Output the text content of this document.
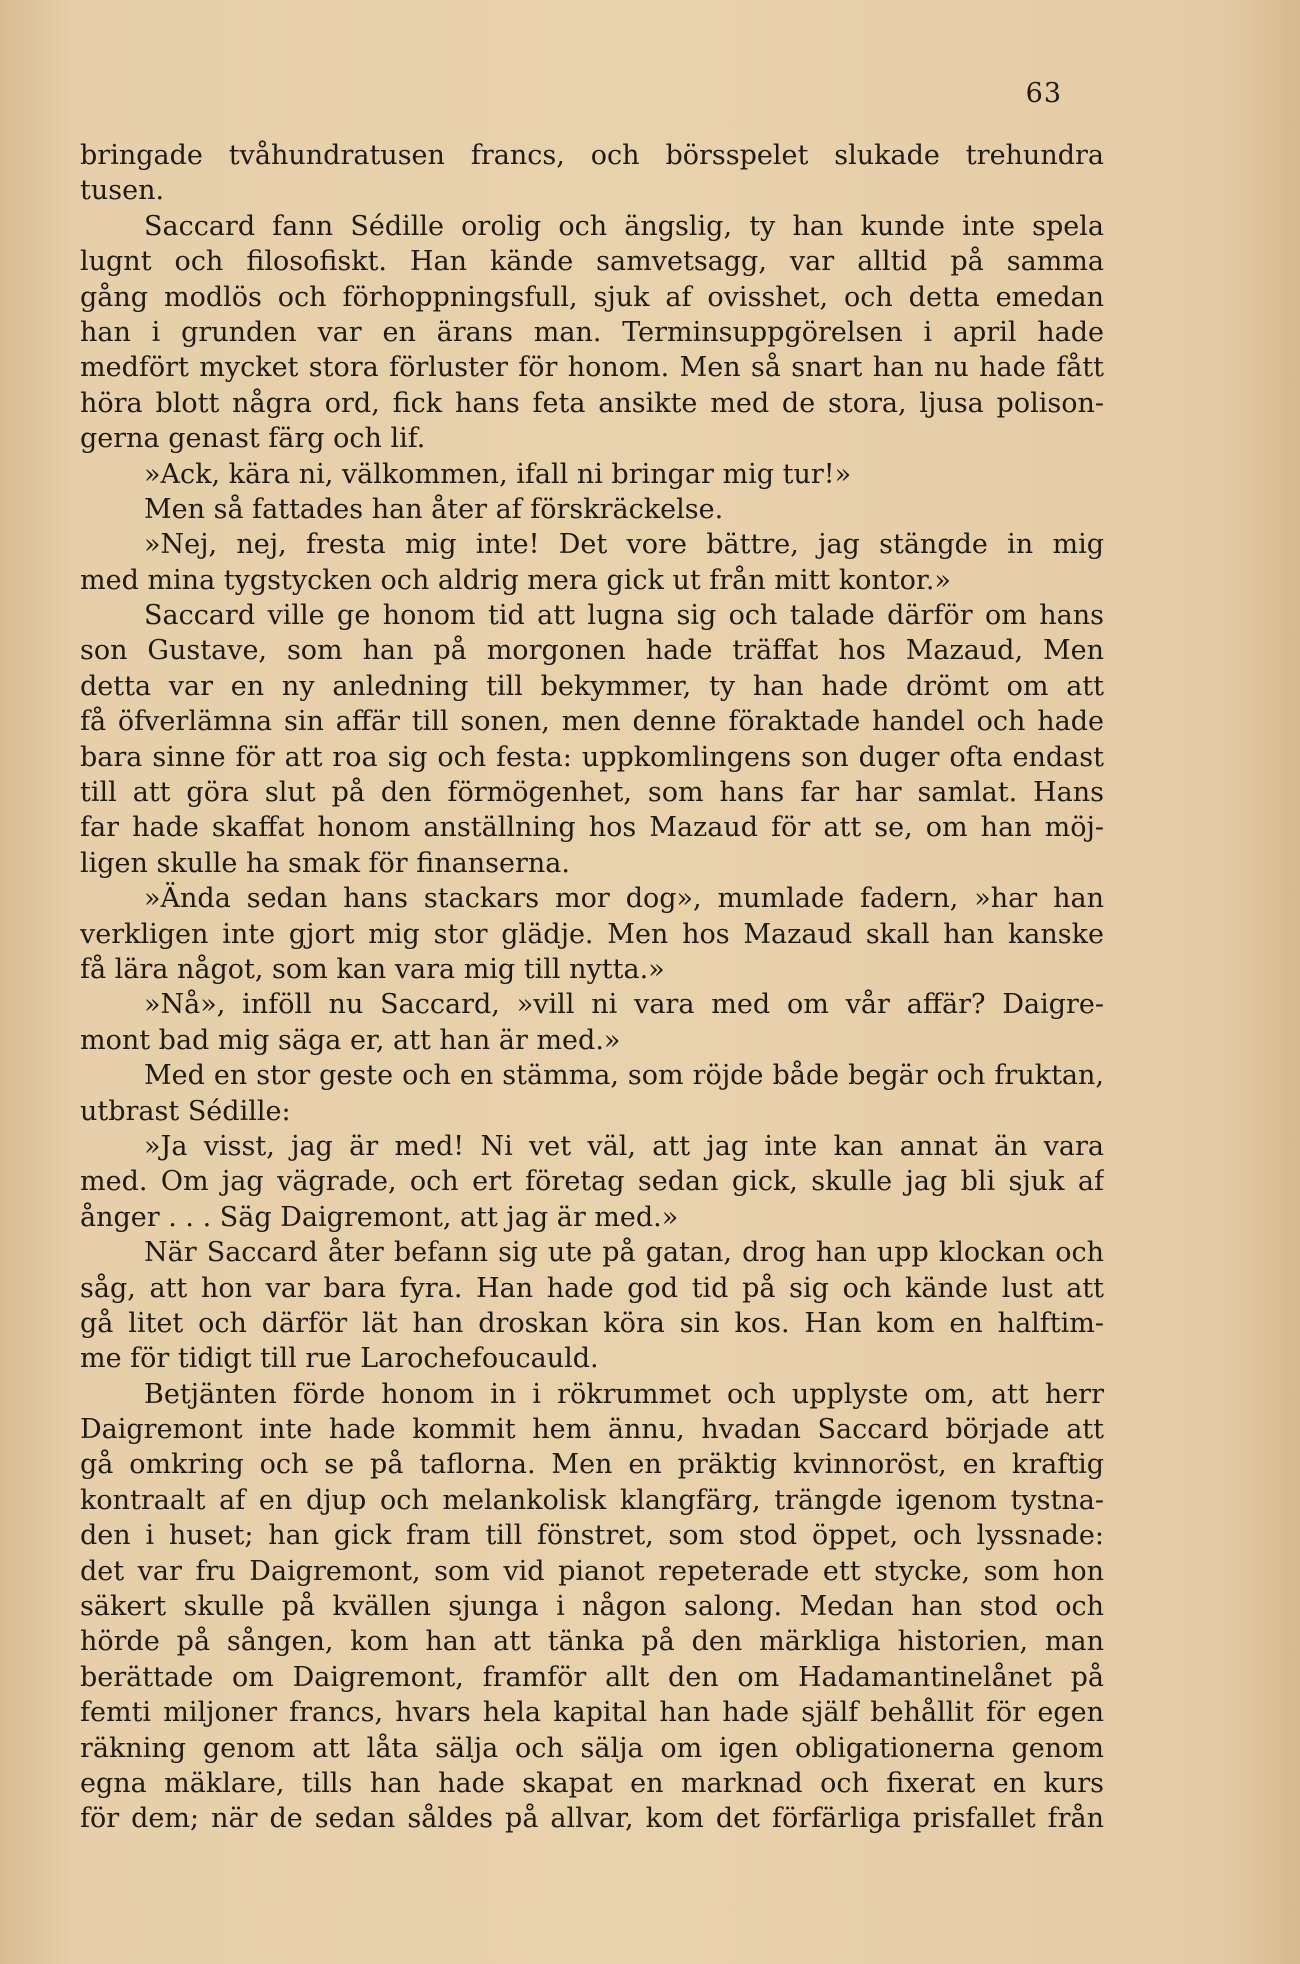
63
bringade tvåhundratusen francs, och börsspelet slukade trehundra
tusen.
Saccard fann Sédille orolig och ängslig, ty han kunde inte spela
lugnt och filosofiskt. Han kände samvetsagg, var alltid på samma
gång modlös och förhoppningsfull, sjuk af ovisshet, och detta emedan
han i grunden var en ärans man. Terminsuppgörelsen i april hade
medfört mycket stora förluster för honom. Men så snart han nu hade fått
höra blott några ord, fick hans feta ansikte med de stora, ljusa polison-
gerna genast färg och lif.
»Ack, kära ni, välkommen, ifall ni bringar mig tur!»
Men så fattades han åter af förskräckelse.
»Nej, nej, fresta mig inte! Det vore bättre, jag stängde in mig
med mina tygstycken och aldrig mera gick ut från mitt kontor.»
Saccard ville ge honom tid att lugna sig och talade därför om hans
son Gustave, som han på morgonen hade träffat hos Mazaud, Men
detta var en ny anledning till bekymmer, ty han hade drömt om att
få öfverlämna sin affär till sonen, men denne föraktade handel och hade
bara sinne för att roa sig och festa: uppkomlingens son duger ofta endast
till att göra slut på den förmögenhet, som hans far har samlat. Hans
far hade skaffat honom anställning hos Mazaud för att se, om han möj-
ligen skulle ha smak för finanserna.
»Ända sedan hans stackars mor dog», mumlade fadern, »har han
verkligen inte gjort mig stor glädje. Men hos Mazaud skall han kanske
få lära något, som kan vara mig till nytta.»
»Nå», inföll nu Saccard, »vill ni vara med om vår affär? Daigre-
mont bad mig säga er, att han är med.»
Med en stor geste och en stämma, som röjde både begär och fruktan,
utbrast Sédille:
»Ja visst, jag är med! Ni vet väl, att jag inte kan annat än vara
med. Om jag vägrade, och ert företag sedan gick, skulle jag bli sjuk af
ånger . . . Säg Daigremont, att jag är med.»
När Saccard åter befann sig ute på gatan, drog han upp klockan och
såg, att hon var bara fyra. Han hade god tid på sig och kände lust att
gå litet och därför lät han droskan köra sin kos. Han kom en halftim-
me för tidigt till rue Larochefoucauld.
Betjänten förde honom in i rökrummet och upplyste om, att herr
Daigremont inte hade kommit hem ännu, hvadan Saccard började att
gå omkring och se på taflorna. Men en präktig kvinnoröst, en kraftig
kontraalt af en djup och melankolisk klangfärg, trängde igenom tystna-
den i huset; han gick fram till fönstret, som stod öppet, och lyssnade:
det var fru Daigremont, som vid pianot repeterade ett stycke, som hon
säkert skulle på kvällen sjunga i någon salong. Medan han stod och
hörde på sången, kom han att tänka på den märkliga historien, man
berättade om Daigremont, framför allt den om Hadamantinelånet på
femti miljoner francs, hvars hela kapital han hade själf behållit för egen
räkning genom att låta sälja och sälja om igen obligationerna genom
egna mäklare, tills han hade skapat en marknad och fixerat en kurs
för dem; när de sedan såldes på allvar, kom det förfärliga prisfallet från
